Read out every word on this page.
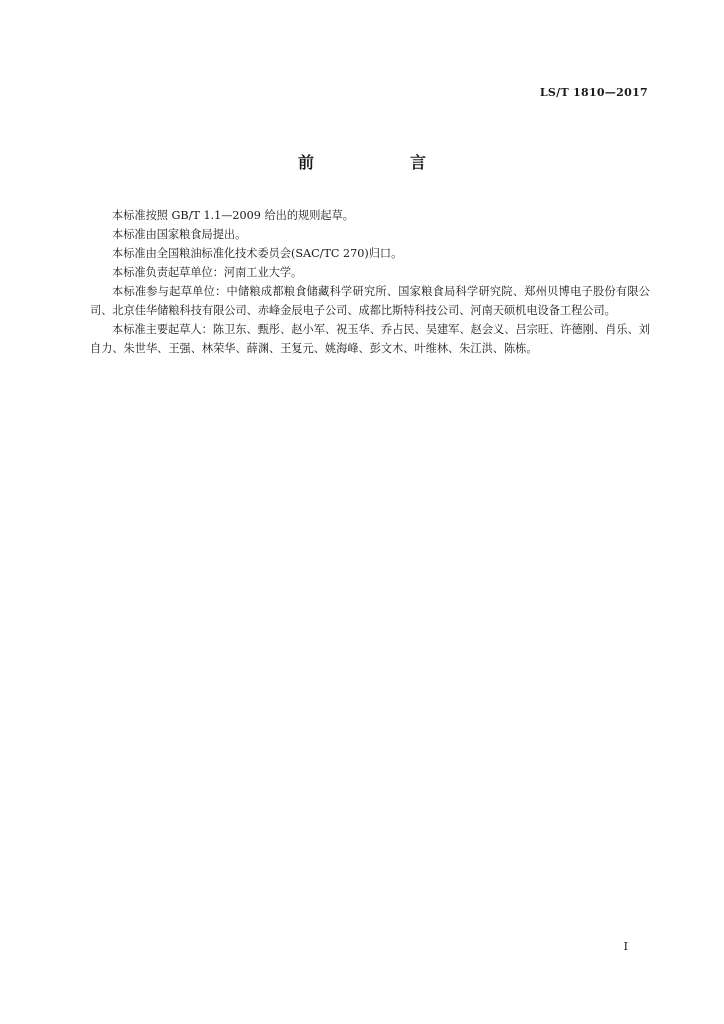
LS/T 1810—2017
前　言

本标准按照 GB/T 1.1—2009 给出的规则起草。

本标准由国家粮食局提出。

本标准由全国粮油标准化技术委员会(SAC/TC 270)归口。

本标准负责起草单位：河南工业大学。

本标准参与起草单位：中储粮成都粮食储藏科学研究所、国家粮食局科学研究院、郑州贝博电子股份有限公司、北京佳华储粮科技有限公司、赤峰金辰电子公司、成都比斯特科技公司、河南天硕机电设备工程公司。

本标准主要起草人：陈卫东、甄彤、赵小军、祝玉华、乔占民、吴建军、赵会义、吕宗旺、许德刚、肖乐、刘自力、朱世华、王强、林荣华、薛渊、王复元、姚海峰、彭文木、叶维林、朱江洪、陈栋。

I
